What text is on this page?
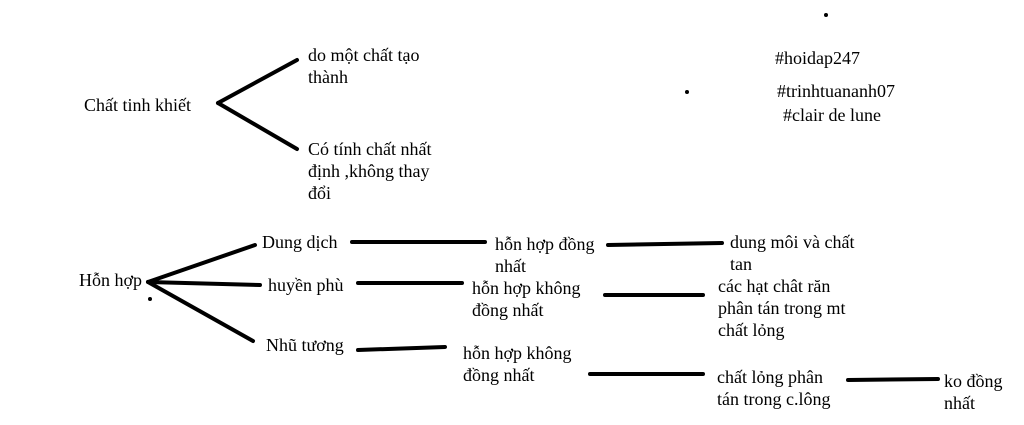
Chất tinh khiết
do một chất tạo
thành
Có tính chất nhất
định ,không thay
đổi
Hỗn hợp
Dung dịch	hỗn hợp đồng
nhất
dung môi và chất
tan
huyền phù	hỗn hợp không
đồng nhất
các hạt chât răn
phân tán trong mt
chất lỏng
Nhũ tương	hỗn hợp không
đồng nhất	chất lỏng phân
tán trong c.lông
ko đồng
nhất
#hoidap247
#trinhtuananh07
#clair de lune
